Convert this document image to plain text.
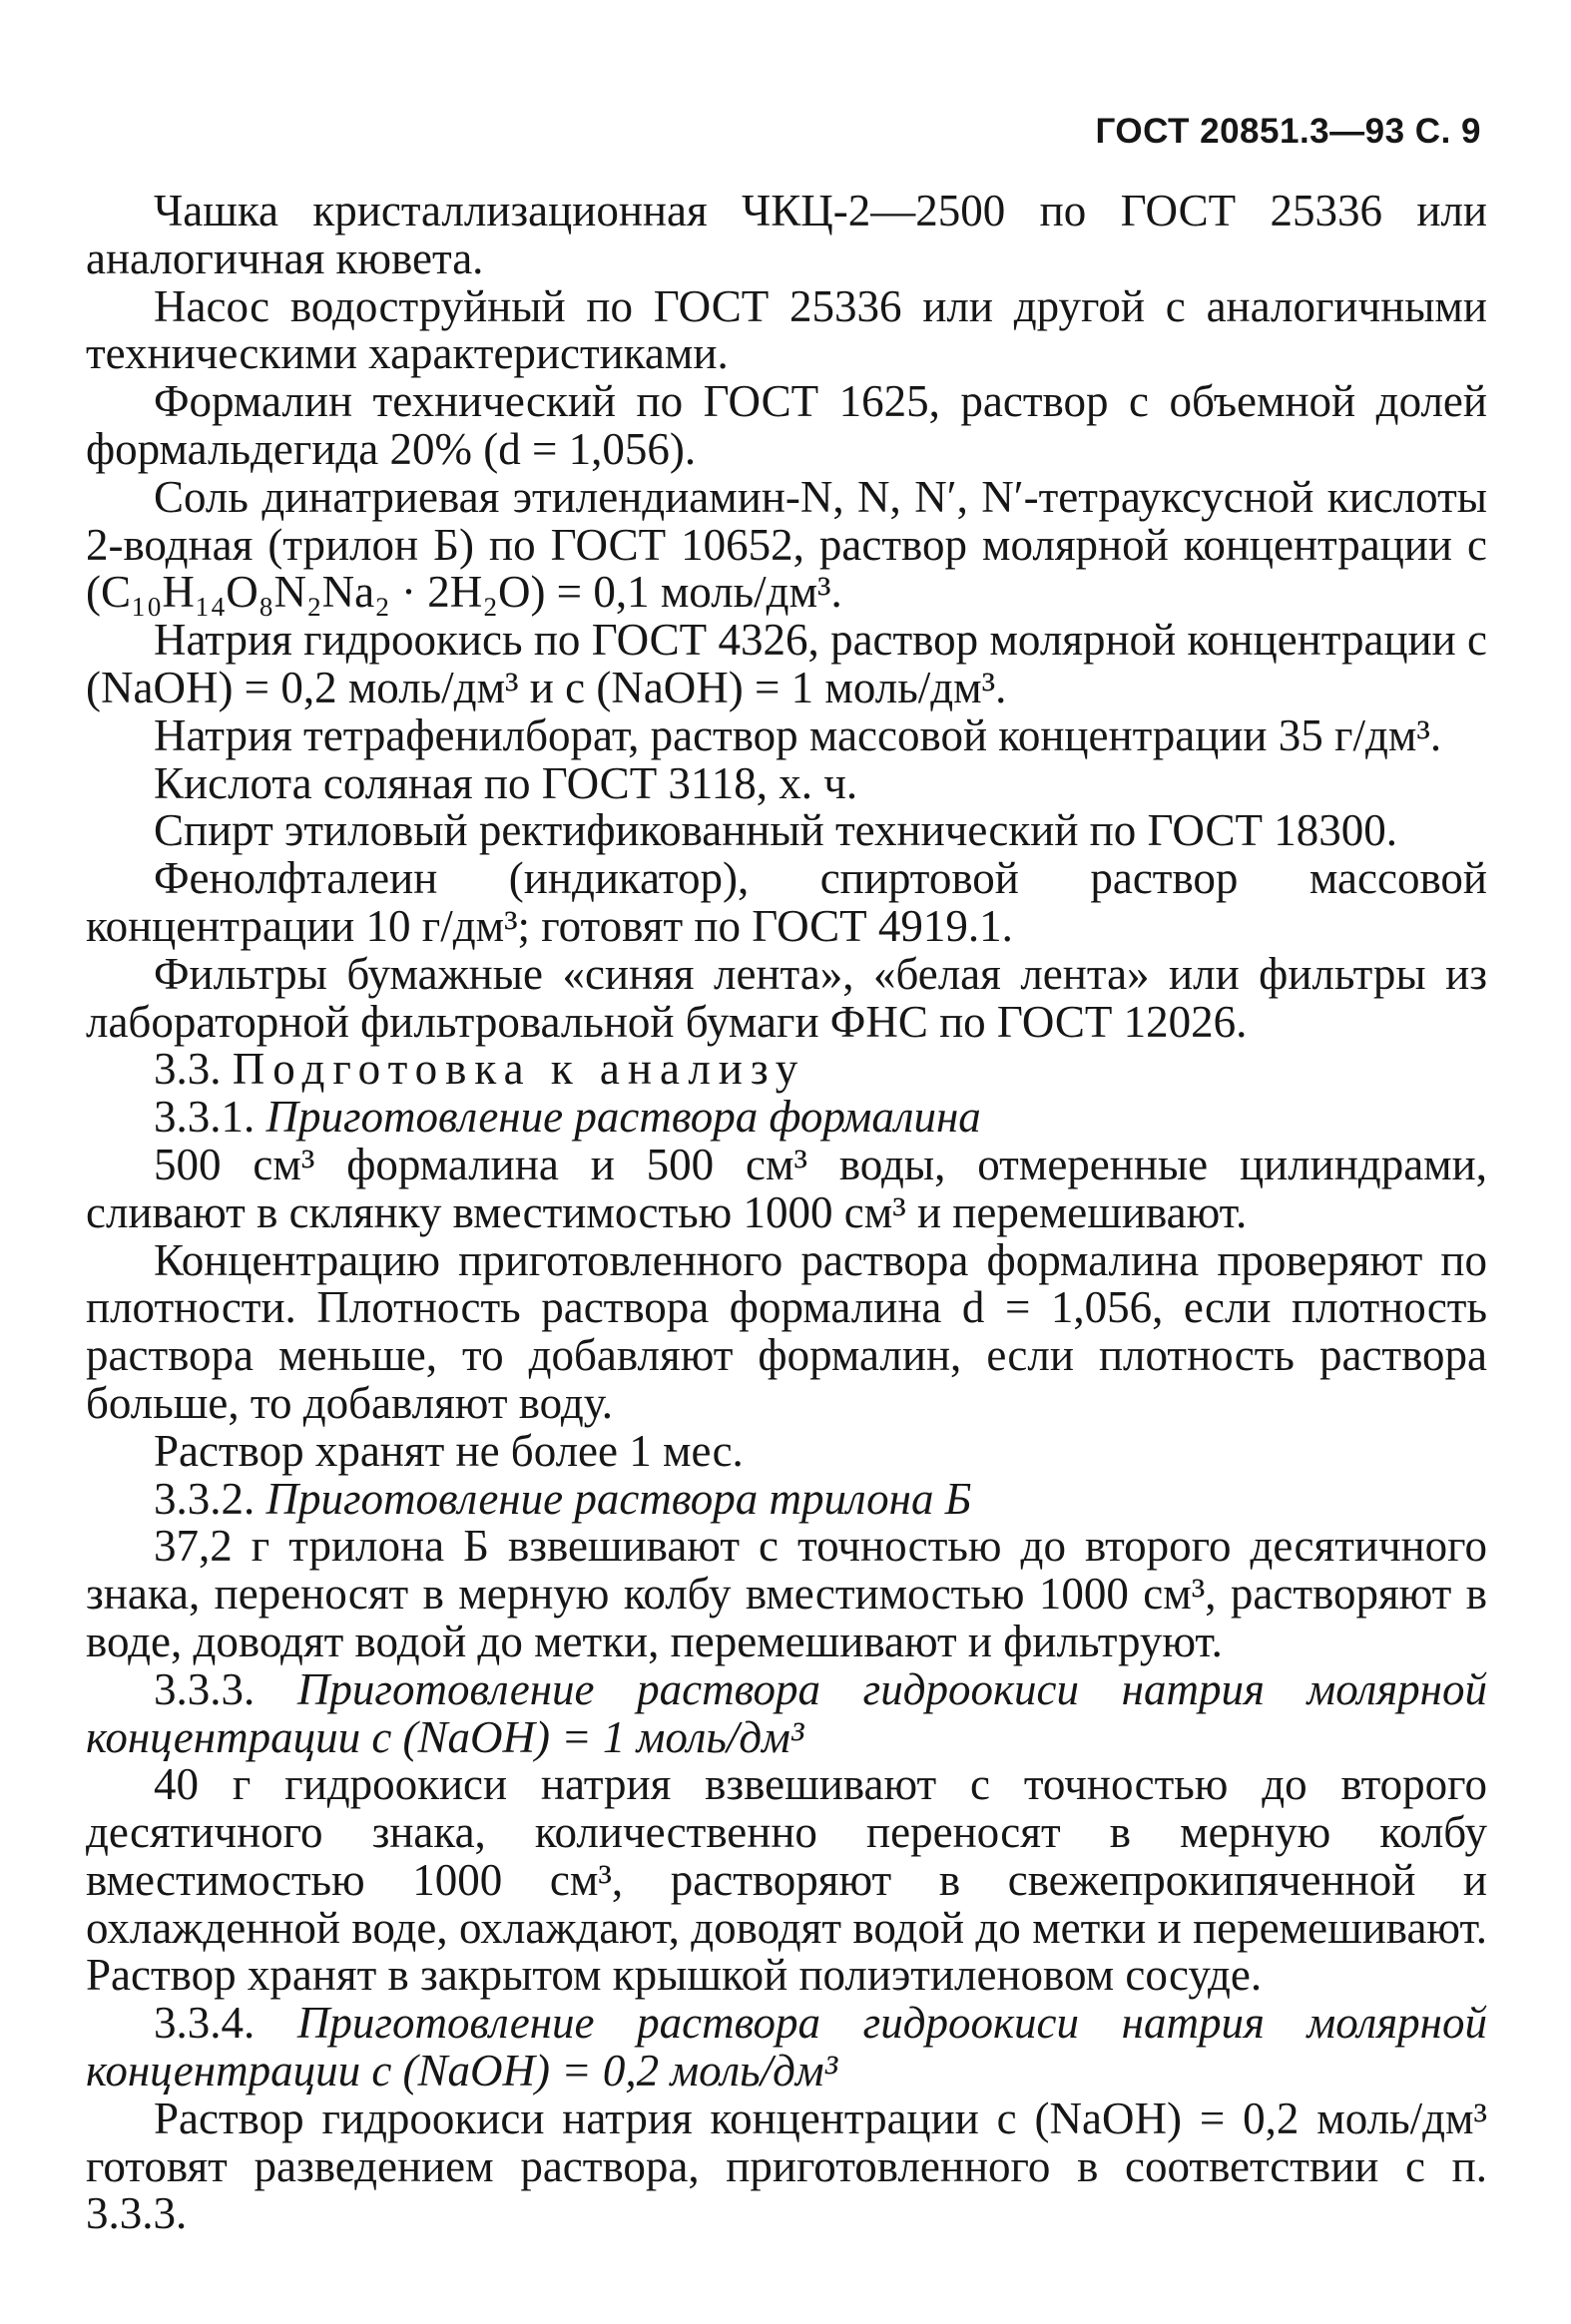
ГОСТ 20851.3—93 С. 9

Чашка кристаллизационная ЧКЦ-2—2500 по ГОСТ 25336 или аналогичная кювета.

Насос водоструйный по ГОСТ 25336 или другой с аналогичными техническими характеристиками.

Формалин технический по ГОСТ 1625, раствор с объемной долей формальдегида 20% (d = 1,056).

Соль динатриевая этилендиамин-N, N, N′, N′-тетрауксусной кислоты 2-водная (трилон Б) по ГОСТ 10652, раствор молярной концентрации c (C₁₀H₁₄O₈N₂Na₂ · 2H₂O) = 0,1 моль/дм³.

Натрия гидроокись по ГОСТ 4326, раствор молярной концентрации c (NaOH) = 0,2 моль/дм³ и c (NaOH) = 1 моль/дм³.

Натрия тетрафенилборат, раствор массовой концентрации 35 г/дм³.

Кислота соляная по ГОСТ 3118, х. ч.

Спирт этиловый ректификованный технический по ГОСТ 18300.

Фенолфталеин (индикатор), спиртовой раствор массовой концентрации 10 г/дм³; готовят по ГОСТ 4919.1.

Фильтры бумажные «синяя лента», «белая лента» или фильтры из лабораторной фильтровальной бумаги ФНС по ГОСТ 12026.

3.3. Подготовка к анализу

3.3.1. Приготовление раствора формалина

500 см³ формалина и 500 см³ воды, отмеренные цилиндрами, сливают в склянку вместимостью 1000 см³ и перемешивают.

Концентрацию приготовленного раствора формалина проверяют по плотности. Плотность раствора формалина d = 1,056, если плотность раствора меньше, то добавляют формалин, если плотность раствора больше, то добавляют воду.

Раствор хранят не более 1 мес.

3.3.2. Приготовление раствора трилона Б

37,2 г трилона Б взвешивают с точностью до второго десятичного знака, переносят в мерную колбу вместимостью 1000 см³, растворяют в воде, доводят водой до метки, перемешивают и фильтруют.

3.3.3. Приготовление раствора гидроокиси натрия молярной концентрации c (NaOH) = 1 моль/дм³

40 г гидроокиси натрия взвешивают с точностью до второго десятичного знака, количественно переносят в мерную колбу вместимостью 1000 см³, растворяют в свежепрокипяченной и охлажденной воде, охлаждают, доводят водой до метки и перемешивают. Раствор хранят в закрытом крышкой полиэтиленовом сосуде.

3.3.4. Приготовление раствора гидроокиси натрия молярной концентрации c (NaOH) = 0,2 моль/дм³

Раствор гидроокиси натрия концентрации c (NaOH) = 0,2 моль/дм³ готовят разведением раствора, приготовленного в соответствии с п. 3.3.3.
